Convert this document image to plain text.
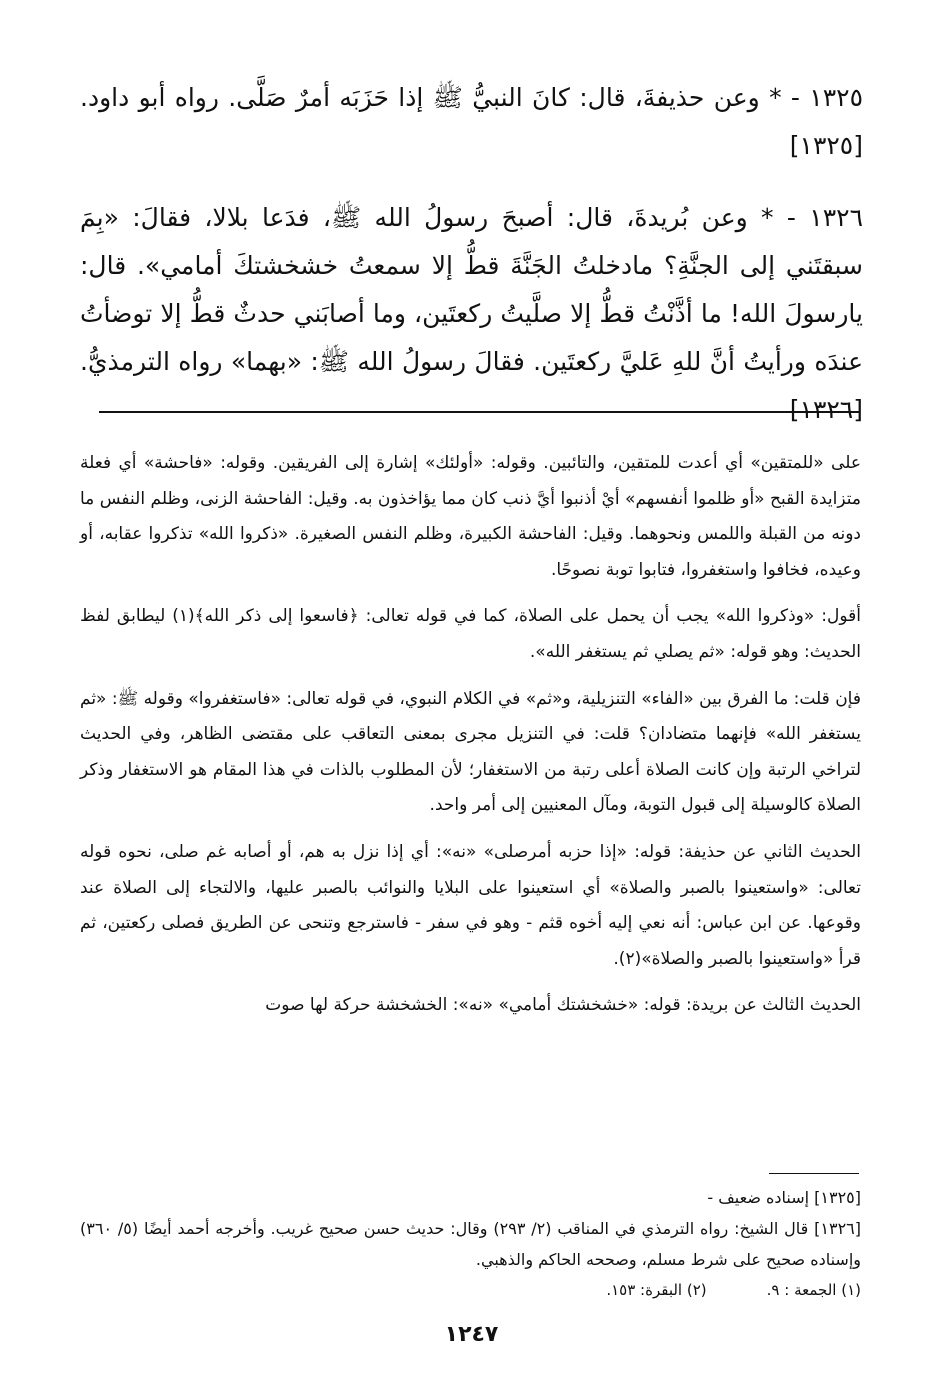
١٣٢٥ - * وعن حذيفةَ، قال: كانَ النبيُّ ﷺ إذا حَزَبَه أمرٌ صَلَّى. رواه أبو داود. [١٣٢٥]

١٣٢٦ - * وعن بُريدةَ، قال: أصبحَ رسولُ الله ﷺ، فدَعا بلالا، فقالَ: «بِمَ سبقتَني إلى الجنَّةِ؟ مادخلتُ الجَنَّةَ قطُّ إلا سمعتُ خشخشتكَ أمامي». قال: يارسولَ الله! ما أذَّنْتُ قطُّ إلا صلَّيتُ ركعتَين، وما أصابَني حدثٌ قطُّ إلا توضأتُ عندَه ورأيتُ أنَّ للهِ عَليَّ ركعتَين. فقالَ رسولُ الله ﷺ: «بهما» رواه الترمذيُّ.[١٣٢٦]

على «للمتقين» أي أعدت للمتقين، والتائبين. وقوله: «أولئك» إشارة إلى الفريقين. وقوله: «فاحشة» أي فعلة متزايدة القبح «أو ظلموا أنفسهم» أيْ أذنبوا أيَّ ذنب كان مما يؤاخذون به. وقيل: الفاحشة الزنى، وظلم النفس ما دونه من القبلة واللمس ونحوهما. وقيل: الفاحشة الكبيرة، وظلم النفس الصغيرة. «ذكروا الله» تذكروا عقابه، أو وعيده، فخافوا واستغفروا، فتابوا توبة نصوحًا.

أقول: «وذكروا الله» يجب أن يحمل على الصلاة، كما في قوله تعالى: ﴿فاسعوا إلى ذكر الله﴾(١) ليطابق لفظ الحديث: وهو قوله: «ثم يصلي ثم يستغفر الله».

فإن قلت: ما الفرق بين «الفاء» التنزيلية، و«ثم» في الكلام النبوي، في قوله تعالى: «فاستغفروا» وقوله ﷺ: «ثم يستغفر الله» فإنهما متضادان؟ قلت: في التنزيل مجرى بمعنى التعاقب على مقتضى الظاهر، وفي الحديث لتراخي الرتبة وإن كانت الصلاة أعلى رتبة من الاستغفار؛ لأن المطلوب بالذات في هذا المقام هو الاستغفار وذكر الصلاة كالوسيلة إلى قبول التوبة، ومآل المعنيين إلى أمر واحد.

الحديث الثاني عن حذيفة: قوله: «إذا حزبه أمرصلى» «نه»: أي إذا نزل به هم، أو أصابه غم صلى، نحوه قوله تعالى: «واستعينوا بالصبر والصلاة» أي استعينوا على البلايا والنوائب بالصبر عليها، والالتجاء إلى الصلاة عند وقوعها. عن ابن عباس: أنه نعي إليه أخوه قثم - وهو في سفر - فاسترجع وتنحى عن الطريق فصلى ركعتين، ثم قرأ «واستعينوا بالصبر والصلاة»(٢).

الحديث الثالث عن بريدة: قوله: «خشخشتك أمامي» «نه»: الخشخشة حركة لها صوت

[١٣٢٥] إسناده ضعيف -

[١٣٢٦] قال الشيخ: رواه الترمذي في المناقب (٢/ ٢٩٣) وقال: حديث حسن صحيح غريب. وأخرجه أحمد أيضًا (٥/ ٣٦٠) وإسناده صحيح على شرط مسلم، وصححه الحاكم والذهبي.

(١) الجمعة : ٩.
(٢) البقرة: ١٥٣.
١٢٤٧
